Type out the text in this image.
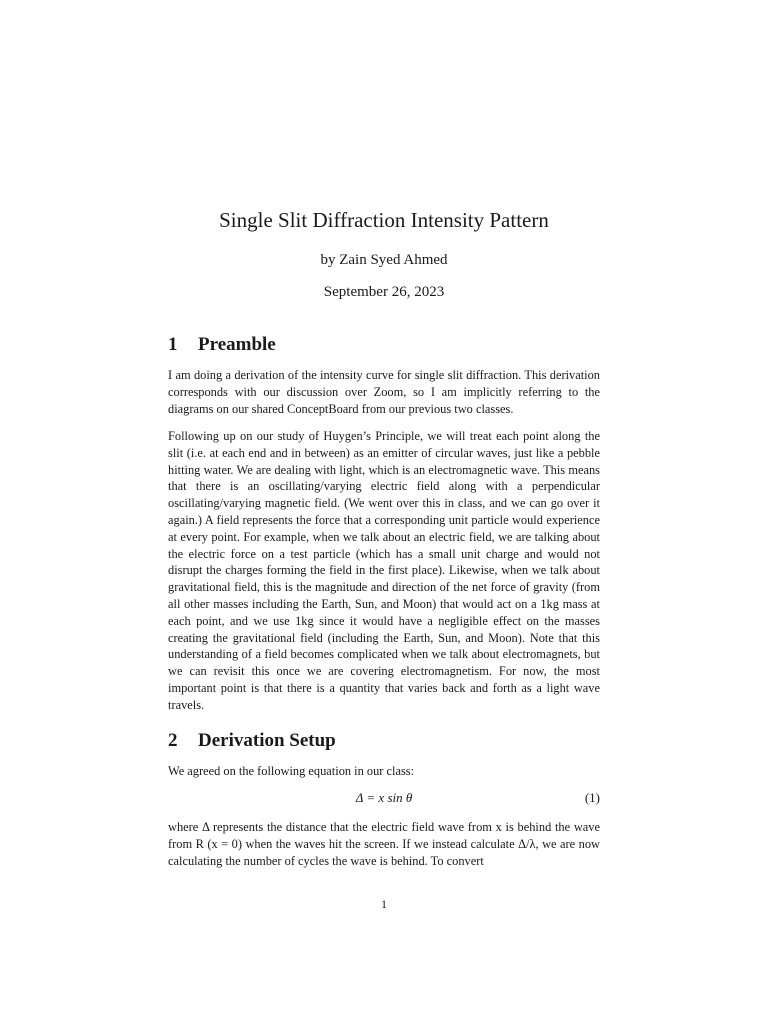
Single Slit Diffraction Intensity Pattern
by Zain Syed Ahmed
September 26, 2023
1 Preamble
I am doing a derivation of the intensity curve for single slit diffraction. This derivation corresponds with our discussion over Zoom, so I am implicitly referring to the diagrams on our shared ConceptBoard from our previous two classes.
Following up on our study of Huygen’s Principle, we will treat each point along the slit (i.e. at each end and in between) as an emitter of circular waves, just like a pebble hitting water. We are dealing with light, which is an electromagnetic wave. This means that there is an oscillating/varying electric field along with a perpendicular oscillating/varying magnetic field. (We went over this in class, and we can go over it again.) A field represents the force that a corresponding unit particle would experience at every point. For example, when we talk about an electric field, we are talking about the electric force on a test particle (which has a small unit charge and would not disrupt the charges forming the field in the first place). Likewise, when we talk about gravitational field, this is the magnitude and direction of the net force of gravity (from all other masses including the Earth, Sun, and Moon) that would act on a 1kg mass at each point, and we use 1kg since it would have a negligible effect on the masses creating the gravitational field (including the Earth, Sun, and Moon). Note that this understanding of a field becomes complicated when we talk about electromagnets, but we can revisit this once we are covering electromagnetism. For now, the most important point is that there is a quantity that varies back and forth as a light wave travels.
2 Derivation Setup
We agreed on the following equation in our class:
Δ = x sin θ	(1)
where Δ represents the distance that the electric field wave from x is behind the wave from R (x = 0) when the waves hit the screen. If we instead calculate Δ/λ, we are now calculating the number of cycles the wave is behind. To convert
1
